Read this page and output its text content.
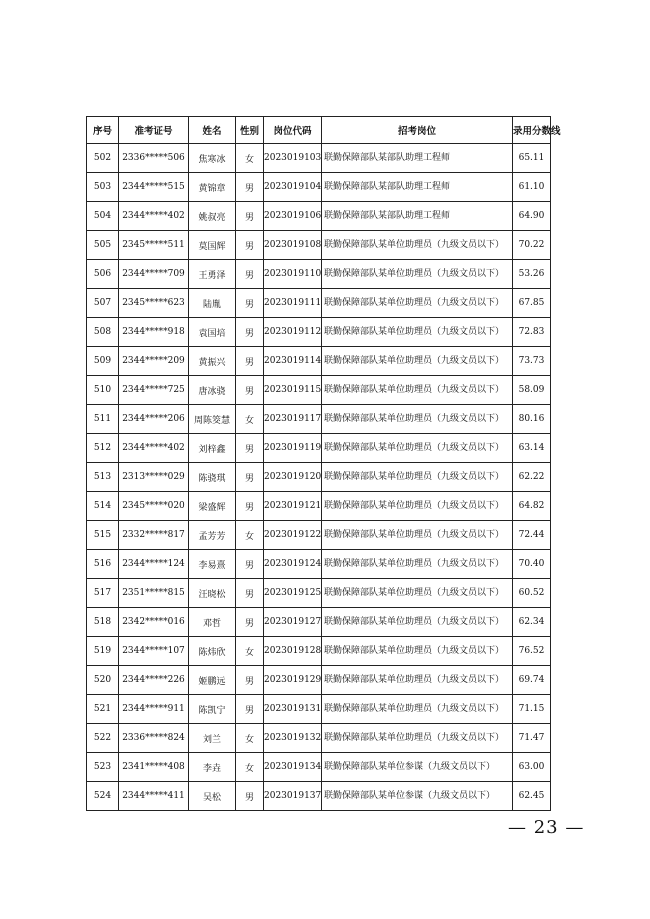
序号	准考证号	姓名	性别	岗位代码	招考岗位	录用分数线
502	2336*****506	焦寒冰	女	2023019103	联勤保障部队某部队助理工程师	65.11
503	2344*****515	黄锦章	男	2023019104	联勤保障部队某部队助理工程师	61.10
504	2344*****402	姚叔亮	男	2023019106	联勤保障部队某部队助理工程师	64.90
505	2345*****511	莫国辉	男	2023019108	联勤保障部队某单位助理员（九级文员以下）	70.22
506	2344*****709	王勇泽	男	2023019110	联勤保障部队某单位助理员（九级文员以下）	53.26
507	2345*****623	陆胤	男	2023019111	联勤保障部队某单位助理员（九级文员以下）	67.85
508	2344*****918	袁国培	男	2023019112	联勤保障部队某单位助理员（九级文员以下）	72.83
509	2344*****209	黄振兴	男	2023019114	联勤保障部队某单位助理员（九级文员以下）	73.73
510	2344*****725	唐冰骁	男	2023019115	联勤保障部队某单位助理员（九级文员以下）	58.09
511	2344*****206	周陈筊慧	女	2023019117	联勤保障部队某单位助理员（九级文员以下）	80.16
512	2344*****402	刘梓鑫	男	2023019119	联勤保障部队某单位助理员（九级文员以下）	63.14
513	2313*****029	陈骁琪	男	2023019120	联勤保障部队某单位助理员（九级文员以下）	62.22
514	2345*****020	梁盛辉	男	2023019121	联勤保障部队某单位助理员（九级文员以下）	64.82
515	2332*****817	孟芳芳	女	2023019122	联勤保障部队某单位助理员（九级文员以下）	72.44
516	2344*****124	李易熹	男	2023019124	联勤保障部队某单位助理员（九级文员以下）	70.40
517	2351*****815	汪晓松	男	2023019125	联勤保障部队某单位助理员（九级文员以下）	60.52
518	2342*****016	邓哲	男	2023019127	联勤保障部队某单位助理员（九级文员以下）	62.34
519	2344*****107	陈炜欣	女	2023019128	联勤保障部队某单位助理员（九级文员以下）	76.52
520	2344*****226	姬鹏远	男	2023019129	联勤保障部队某单位助理员（九级文员以下）	69.74
521	2344*****911	陈凯宁	男	2023019131	联勤保障部队某单位助理员（九级文员以下）	71.15
522	2336*****824	刘兰	女	2023019132	联勤保障部队某单位助理员（九级文员以下）	71.47
523	2341*****408	李垚	女	2023019134	联勤保障部队某单位参谋（九级文员以下）	63.00
524	2344*****411	吴松	男	2023019137	联勤保障部队某单位参谋（九级文员以下）	62.45
— 23 —
